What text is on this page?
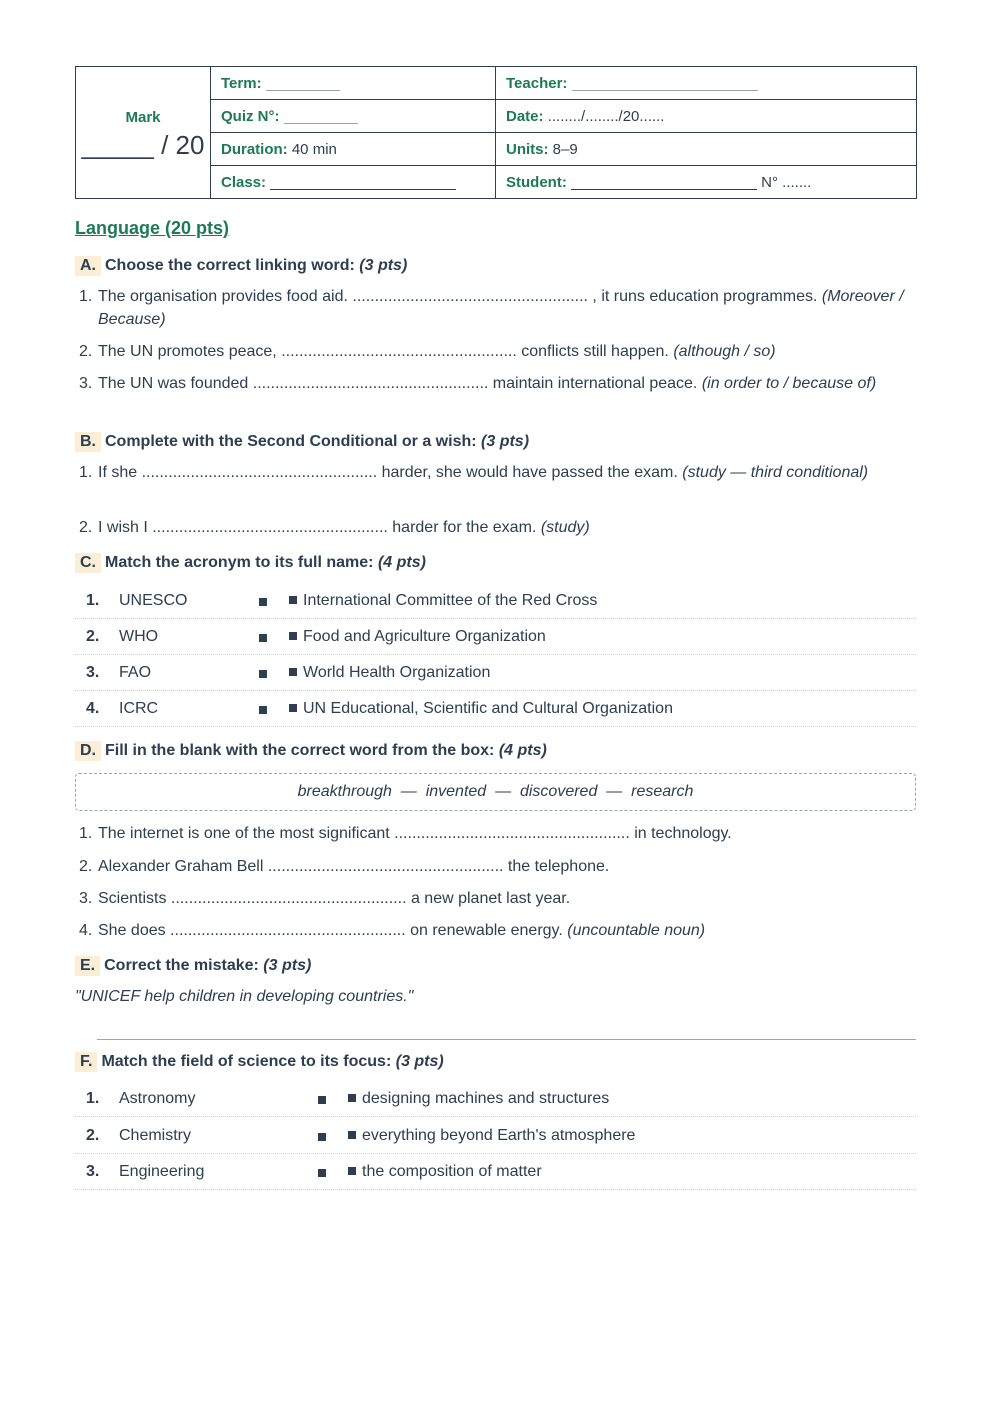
Mark
_____ / 20	Term:	Teacher:
	Quiz N°:	Date: ......../......../20......
	Duration: 40 min	Units: 8–9
	Class:	Student: N° .......
Language (20 pts)
A. Choose the correct linking word: (3 pts)
1. The organisation provides food aid. ..................................................... , it runs education programmes. (Moreover / Because)
2. The UN promotes peace, ..................................................... conflicts still happen. (although / so)
3. The UN was founded ..................................................... maintain international peace. (in order to / because of)
B. Complete with the Second Conditional or a wish: (3 pts)
1. If she ..................................................... harder, she would have passed the exam. (study — third conditional)
2. I wish I ..................................................... harder for the exam. (study)
C. Match the acronym to its full name: (4 pts)
1. UNESCO	International Committee of the Red Cross
2. WHO	Food and Agriculture Organization
3. FAO	World Health Organization
4. ICRC	UN Educational, Scientific and Cultural Organization
D. Fill in the blank with the correct word from the box: (4 pts)
breakthrough  —  invented  —  discovered  —  research
1. The internet is one of the most significant ..................................................... in technology.
2. Alexander Graham Bell ..................................................... the telephone.
3. Scientists ..................................................... a new planet last year.
4. She does ..................................................... on renewable energy. (uncountable noun)
E. Correct the mistake: (3 pts)
"UNICEF help children in developing countries."
F. Match the field of science to its focus: (3 pts)
1. Astronomy	designing machines and structures
2. Chemistry	everything beyond Earth's atmosphere
3. Engineering	the composition of matter
